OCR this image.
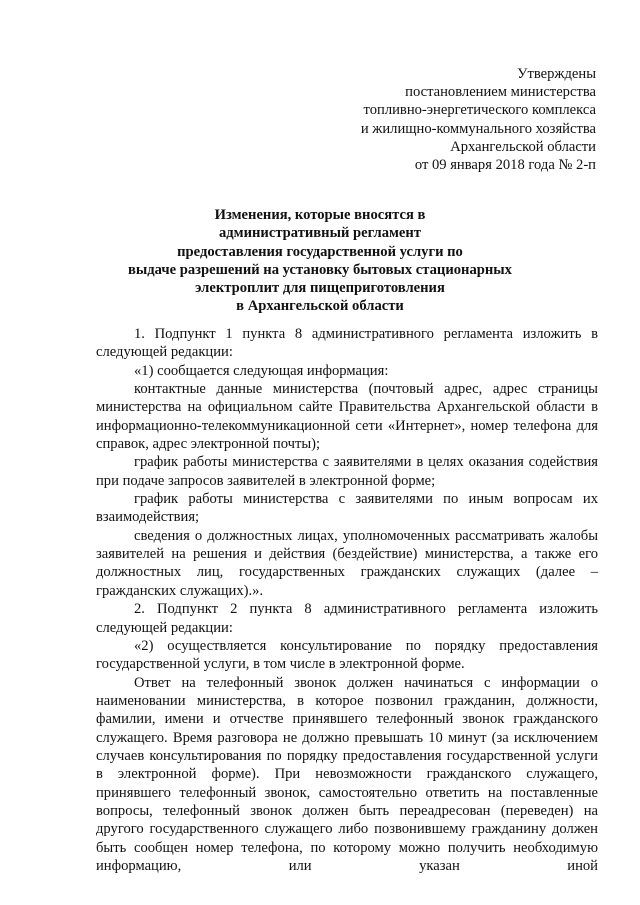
Утверждены
постановлением министерства
топливно-энергетического комплекса
и жилищно-коммунального хозяйства
Архангельской области
от 09 января 2018 года № 2-п
Изменения, которые вносятся в
административный регламент
предоставления государственной услуги по
выдаче разрешений на установку бытовых стационарных
электроплит для пищеприготовления
в Архангельской области

1. Подпункт 1 пункта 8 административного регламента изложить в следующей редакции:

«1) сообщается следующая информация:

контактные данные министерства (почтовый адрес, адрес страницы министерства на официальном сайте Правительства Архангельской области в информационно-телекоммуникационной сети «Интернет», номер телефона для справок, адрес электронной почты);

график работы министерства с заявителями в целях оказания содействия при подаче запросов заявителей в электронной форме;

график работы министерства с заявителями по иным вопросам их взаимодействия;

сведения о должностных лицах, уполномоченных рассматривать жалобы заявителей на решения и действия (бездействие) министерства, а также его должностных лиц, государственных гражданских служащих (далее – гражданских служащих).».

2. Подпункт 2 пункта 8 административного регламента изложить следующей редакции:

«2) осуществляется консультирование по порядку предоставления государственной услуги, в том числе в электронной форме.

Ответ на телефонный звонок должен начинаться с информации о наименовании министерства, в которое позвонил гражданин, должности, фамилии, имени и отчестве принявшего телефонный звонок гражданского служащего. Время разговора не должно превышать 10 минут (за исключением случаев консультирования по порядку предоставления государственной услуги в электронной форме). При невозможности гражданского служащего, принявшего телефонный звонок, самостоятельно ответить на поставленные вопросы, телефонный звонок должен быть переадресован (переведен) на другого государственного служащего либо позвонившему гражданину должен быть сообщен номер телефона, по которому можно получить необходимую информацию, или указан иной
